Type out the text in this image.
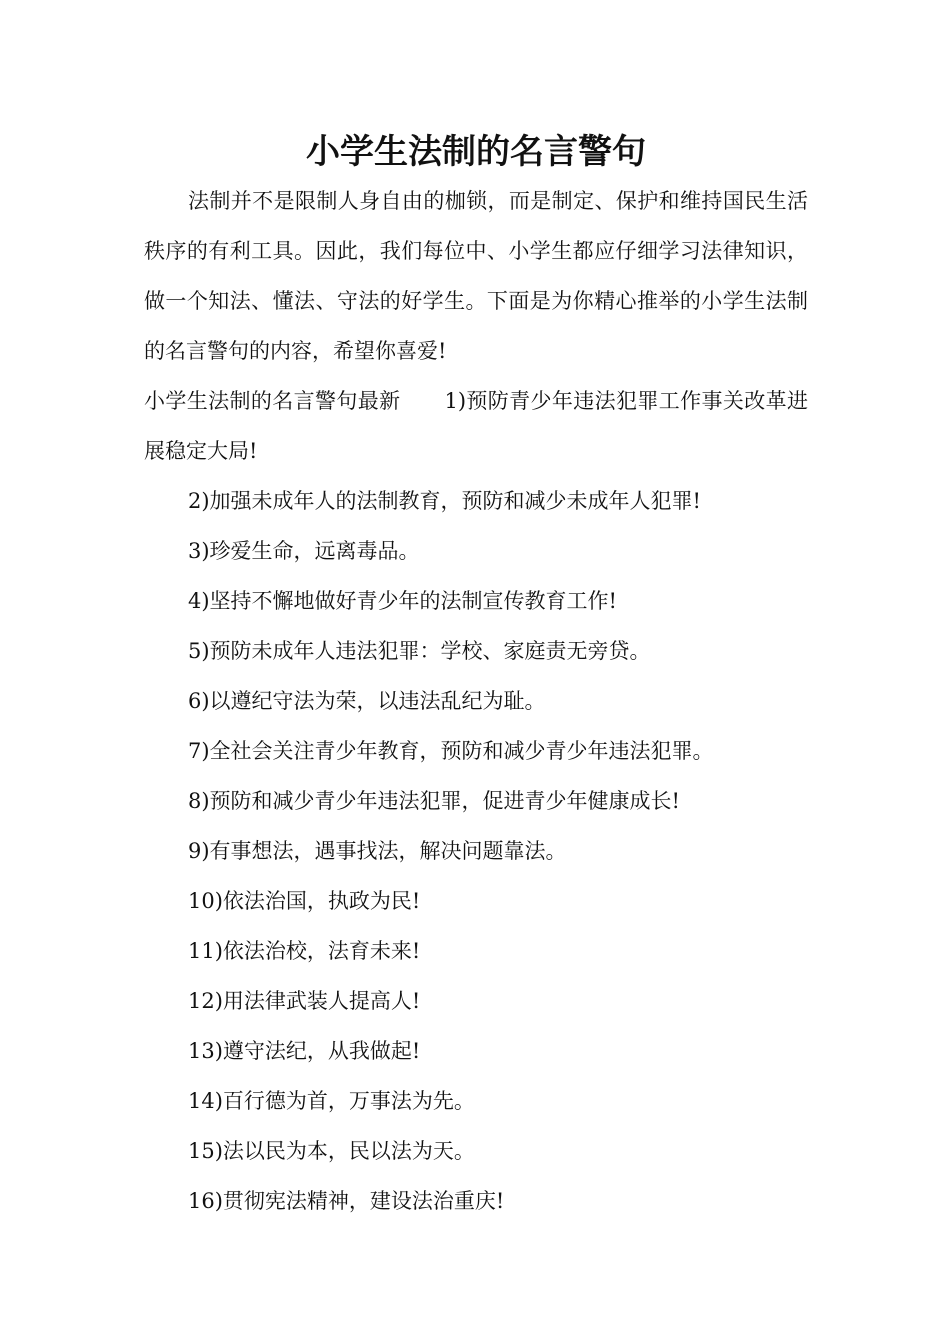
小学生法制的名言警句

法制并不是限制人身自由的枷锁，而是制定、保护和维持国民生活秩序的有利工具。因此，我们每位中、小学生都应仔细学习法律知识，做一个知法、懂法、守法的好学生。下面是为你精心推举的小学生法制的名言警句的内容，希望你喜爱!

小学生法制的名言警句最新 1)预防青少年违法犯罪工作事关改革进展稳定大局!

2)加强未成年人的法制教育，预防和减少未成年人犯罪!

3)珍爱生命，远离毒品。

4)坚持不懈地做好青少年的法制宣传教育工作!

5)预防未成年人违法犯罪：学校、家庭责无旁贷。

6)以遵纪守法为荣，以违法乱纪为耻。

7)全社会关注青少年教育，预防和减少青少年违法犯罪。

8)预防和减少青少年违法犯罪，促进青少年健康成长!

9)有事想法，遇事找法，解决问题靠法。

10)依法治国，执政为民!

11)依法治校，法育未来!

12)用法律武装人提高人!

13)遵守法纪，从我做起!

14)百行德为首，万事法为先。

15)法以民为本，民以法为天。

16)贯彻宪法精神，建设法治重庆!
